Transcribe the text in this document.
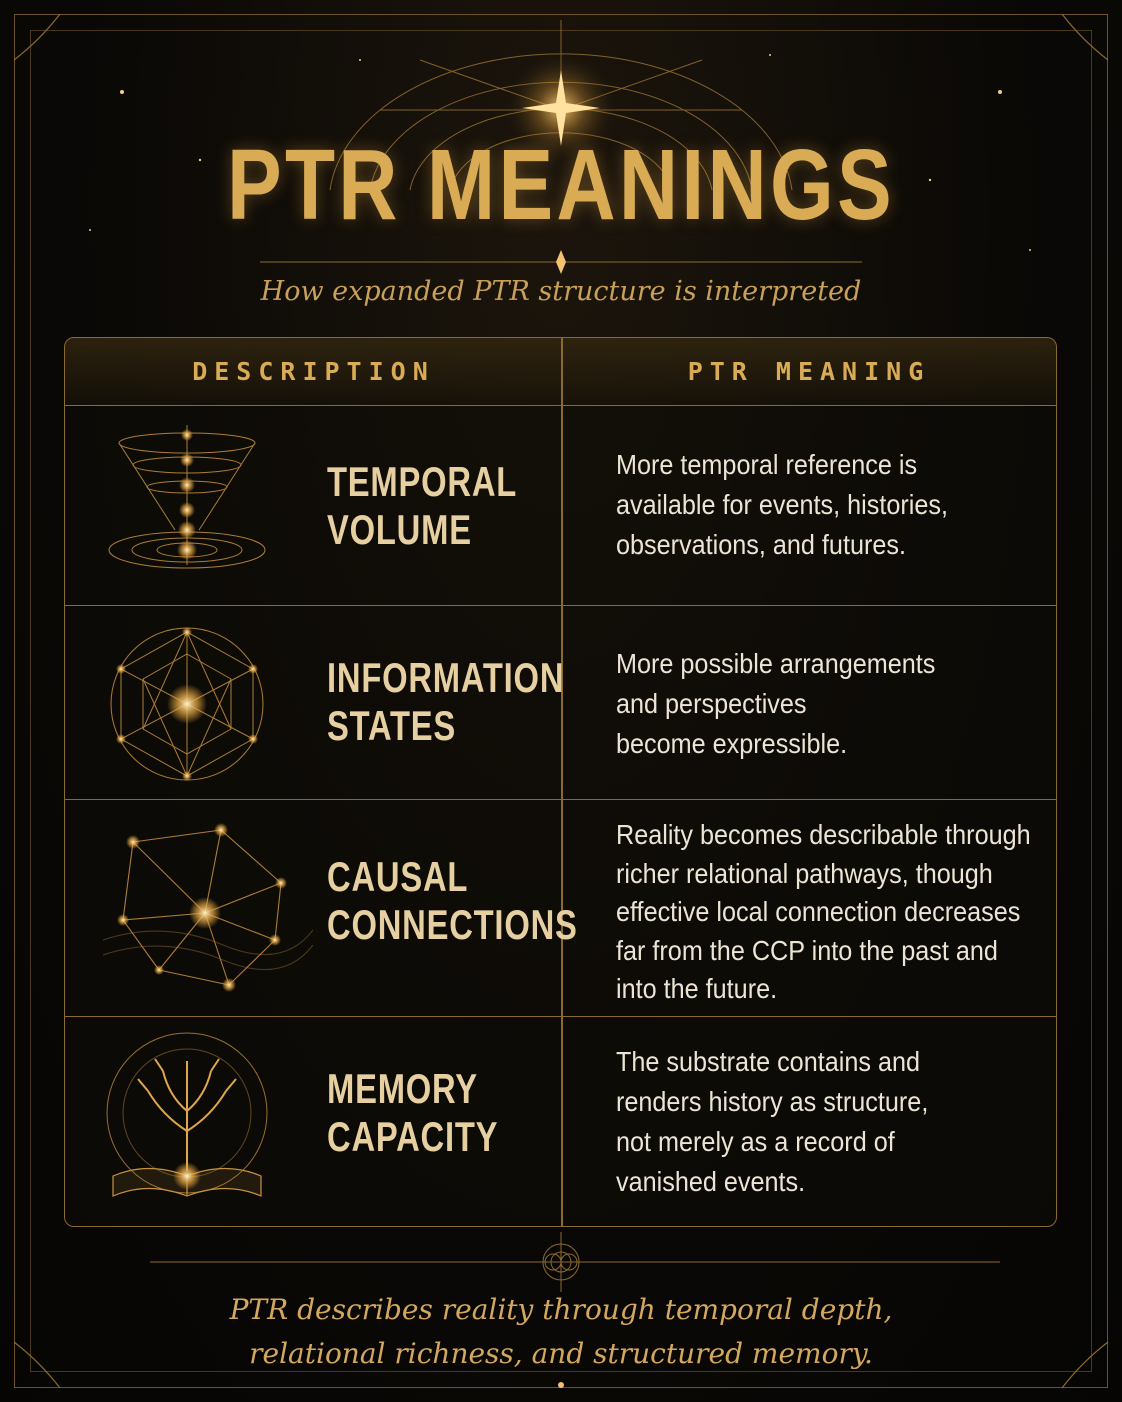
PTR MEANINGS
How expanded PTR structure is interpreted
DESCRIPTION	PTR MEANING
TEMPORAL
VOLUME
More temporal reference is
available for events, histories,
observations, and futures.
INFORMATION
STATES
More possible arrangements
and perspectives
become expressible.
CAUSAL
CONNECTIONS
Reality becomes describable through
richer relational pathways, though
effective local connection decreases
far from the CCP into the past and
into the future.
MEMORY
CAPACITY
The substrate contains and
renders history as structure,
not merely as a record of
vanished events.
PTR describes reality through temporal depth,
relational richness, and structured memory.
